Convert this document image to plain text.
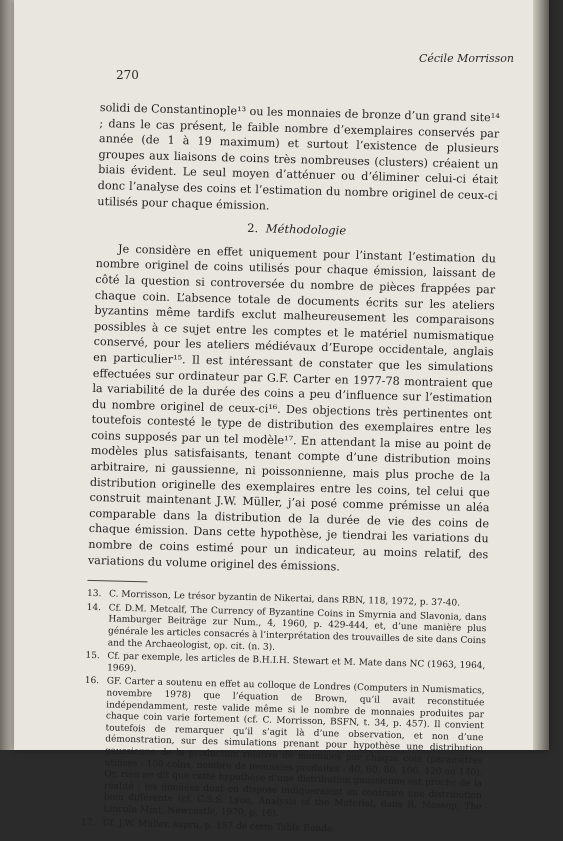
270
Cécile Morrisson

solidi de Constantinople¹³ ou les monnaies de bronze d’un grand site¹⁴ ; dans le cas présent, le faible nombre d’exemplaires conservés par année (de 1 à 19 maximum) et surtout l’existence de plusieurs groupes aux liaisons de coins très nombreuses (clusters) créaient un biais évident. Le seul moyen d’atténuer ou d’éliminer celui-ci était donc l’analyse des coins et l’estimation du nombre originel de ceux-ci utilisés pour chaque émission.

2. Méthodologie

Je considère en effet uniquement pour l’instant l’estimation du nombre originel de coins utilisés pour chaque émission, laissant de côté la question si controversée du nombre de pièces frappées par chaque coin. L’absence totale de documents écrits sur les ateliers byzantins même tardifs exclut malheureusement les comparaisons possibles à ce sujet entre les comptes et le matériel numismatique conservé, pour les ateliers médiévaux d’Europe occidentale, anglais en particulier¹⁵. Il est intéressant de constater que les simulations effectuées sur ordinateur par G.F. Carter en 1977-78 montraient que la variabilité de la durée des coins a peu d’influence sur l’estimation du nombre originel de ceux-ci¹⁶. Des objections très pertinentes ont toutefois contesté le type de distribution des exemplaires entre les coins supposés par un tel modèle¹⁷. En attendant la mise au point de modèles plus satisfaisants, tenant compte d’une distribution moins arbitraire, ni gaussienne, ni poissonnienne, mais plus proche de la distribution originelle des exemplaires entre les coins, tel celui que construit maintenant J.W. Müller, j’ai posé comme prémisse un aléa comparable dans la distribution de la durée de vie des coins de chaque émission. Dans cette hypothèse, je tiendrai les variations du nombre de coins estimé pour un indicateur, au moins relatif, des variations du volume originel des émissions.

13. C. Morrisson, Le trésor byzantin de Nikertai, dans RBN, 118, 1972, p. 37-40.
14. Cf. D.M. Metcalf, The Currency of Byzantine Coins in Smyrnia and Slavonia, dans Hamburger Beiträge zur Num., 4, 1960, p. 429-444, et, d’une manière plus générale les articles consacrés à l’interprétation des trouvailles de site dans Coins and the Archaeologist, op. cit. (n. 3).
15. Cf. par exemple, les articles de B.H.I.H. Stewart et M. Mate dans NC (1963, 1964, 1969).
16. GF. Carter a soutenu en effet au colloque de Londres (Computers in Numismatics, novembre 1978) que l’équation de Brown, qu’il avait reconstituée indépendamment, reste valide même si le nombre de monnaies produites par chaque coin varie fortement (cf. C. Morrisson, BSFN, t. 34, p. 457). Il convient toutefois de remarquer qu’il s’agit là d’une observation, et non d’une démonstration, sur des simulations prenant pour hypothèse une distribution gaussienne de la production relative de monnaies par chaque coin (paramètres utilisés : 100 coins, nombre de monnaies produites : 40, 60, 80, 100, 120 ou 140). Or, rien ne dit que cette hypothèse d’une distribution gaussienne est proche de la réalité ; les données dont on dispose indiqueraient au contraire une distribution bien différente (cf. C.S.S. Lyon, Analysis of the Material, dans R. Mossop, The Lincoln Mint, Newcastle, 1970, p. 16).
17. Cf. J.W. Müller, supra, p. 157 de cette Table Ronde.
